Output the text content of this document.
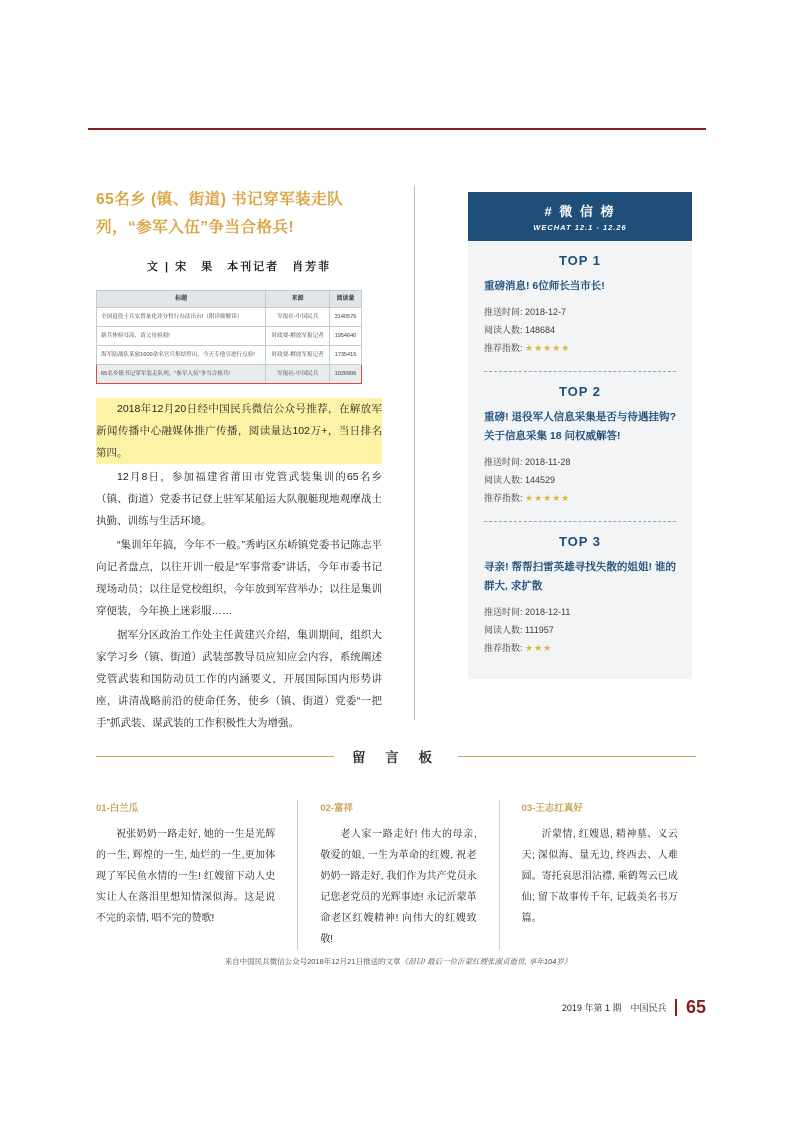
65名乡 (镇、街道) 书记穿军装走队列，“参军入伍”争当合格兵!
文 | 宋　果　本刊记者　肖芳菲
标题	来源	阅读量
全国退役士兵安置量化评分暂行办法出台!（附详细解读）	军报社-中国民兵	3140576
新兵体检耳高，请父母检阅!	时政要-解放军报记者	1954640
海军陆战队某旅1600余名官兵集结誓出，今天专他引进行点验!	时政要-解放军报记者	1735415
65名乡镇书记穿军装走队列，“参军入伍”争当合格兵!	军报社-中国民兵	1026906

2018年12月20日经中国民兵微信公众号推荐，在解放军新闻传播中心融媒体推广传播，阅读量达102万+，当日排名第四。

12月8日，参加福建省莆田市党管武装集训的65名乡（镇、街道）党委书记登上驻军某船运大队舰艇现地观摩战士执勤、训练与生活环境。

“集训年年搞，今年不一般。”秀屿区东峤镇党委书记陈志平向记者盘点，以往开训一般是“军事常委”讲话，今年市委书记现场动员；以往是党校组织，今年放到军营举办；以往是集训穿便装，今年换上迷彩服……

据军分区政治工作处主任黄建兴介绍，集训期间，组织大家学习乡（镇、街道）武装部教导员应知应会内容，系统阐述党管武装和国防动员工作的内涵要义，开展国际国内形势讲座，讲清战略前沿的使命任务，使乡（镇、街道）党委“一把手”抓武装、谋武装的工作积极性大为增强。

# 微 信 榜
WECHAT 12.1 - 12.26
TOP 1
重磅消息! 6位师长当市长!
推送时间: 2018-12-7
阅读人数: 148684
推荐指数: ★★★★★
TOP 2
重磅! 退役军人信息采集是否与待遇挂钩? 关于信息采集 18 问权威解答!
推送时间: 2018-11-28
阅读人数: 144529
推荐指数: ★★★★★
TOP 3
寻亲! 帮帮扫雷英雄寻找失散的姐姐! 谁的群大, 求扩散
推送时间: 2018-12-11
阅读人数: 111957
推荐指数: ★★★
留 言 板
01-白兰瓜

祝张奶奶一路走好, 她的一生是光辉的一生, 辉煌的一生, 灿烂的一生,更加体现了军民鱼水情的一生! 红嫂留下动人史实让人在落泪里想知情深似海。这是说不完的亲情, 唱不完的赞歌!

02-富祥

老人家一路走好! 伟大的母亲, 敬爱的娘, 一生为革命的红嫂, 祝老奶奶一路走好, 我们作为共产党员永记您老党员的光辉事迹! 永记沂蒙革命老区红嫂精神! 向伟大的红嫂致敬!

03-王志红真好

沂蒙情, 红嫂恩, 精神墓、义云天; 深似海、量无边, 终西去、人难圆。寄托哀思泪沾襟, 乘鹤驾云已成仙; 留下故事传千年, 记载美名书万篇。

来自中国民兵微信公众号2018年12月21日推送的文章《泪目! 最后一位沂蒙红嫂张淑贞逝世, 享年104岁》
2019 年第 1 期 中国民兵 65
